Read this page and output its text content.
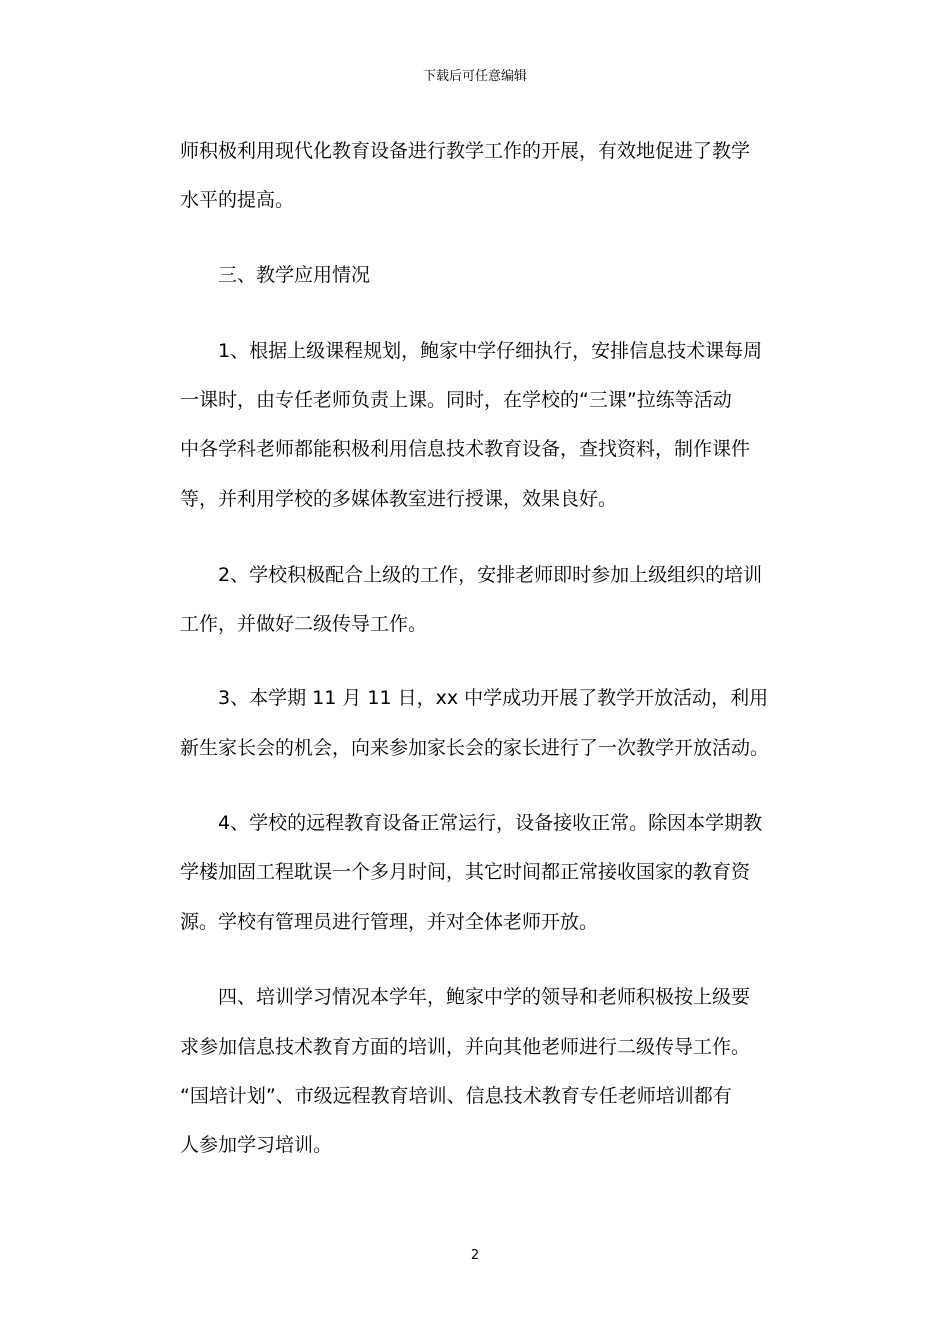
下载后可任意编辑
师积极利用现代化教育设备进行教学工作的开展，有效地促进了教学
水平的提高。
三、教学应用情况
1、根据上级课程规划，鲍家中学仔细执行，安排信息技术课每周
一课时，由专任老师负责上课。同时，在学校的“三课”拉练等活动
中各学科老师都能积极利用信息技术教育设备，查找资料，制作课件
等，并利用学校的多媒体教室进行授课，效果良好。
2、学校积极配合上级的工作，安排老师即时参加上级组织的培训
工作，并做好二级传导工作。
3、本学期 11 月 11 日，xx 中学成功开展了教学开放活动，利用
新生家长会的机会，向来参加家长会的家长进行了一次教学开放活动。
4、学校的远程教育设备正常运行，设备接收正常。除因本学期教
学楼加固工程耽误一个多月时间，其它时间都正常接收国家的教育资
源。学校有管理员进行管理，并对全体老师开放。
四、培训学习情况本学年，鲍家中学的领导和老师积极按上级要
求参加信息技术教育方面的培训，并向其他老师进行二级传导工作。
“国培计划”、市级远程教育培训、信息技术教育专任老师培训都有
人参加学习培训。
2
